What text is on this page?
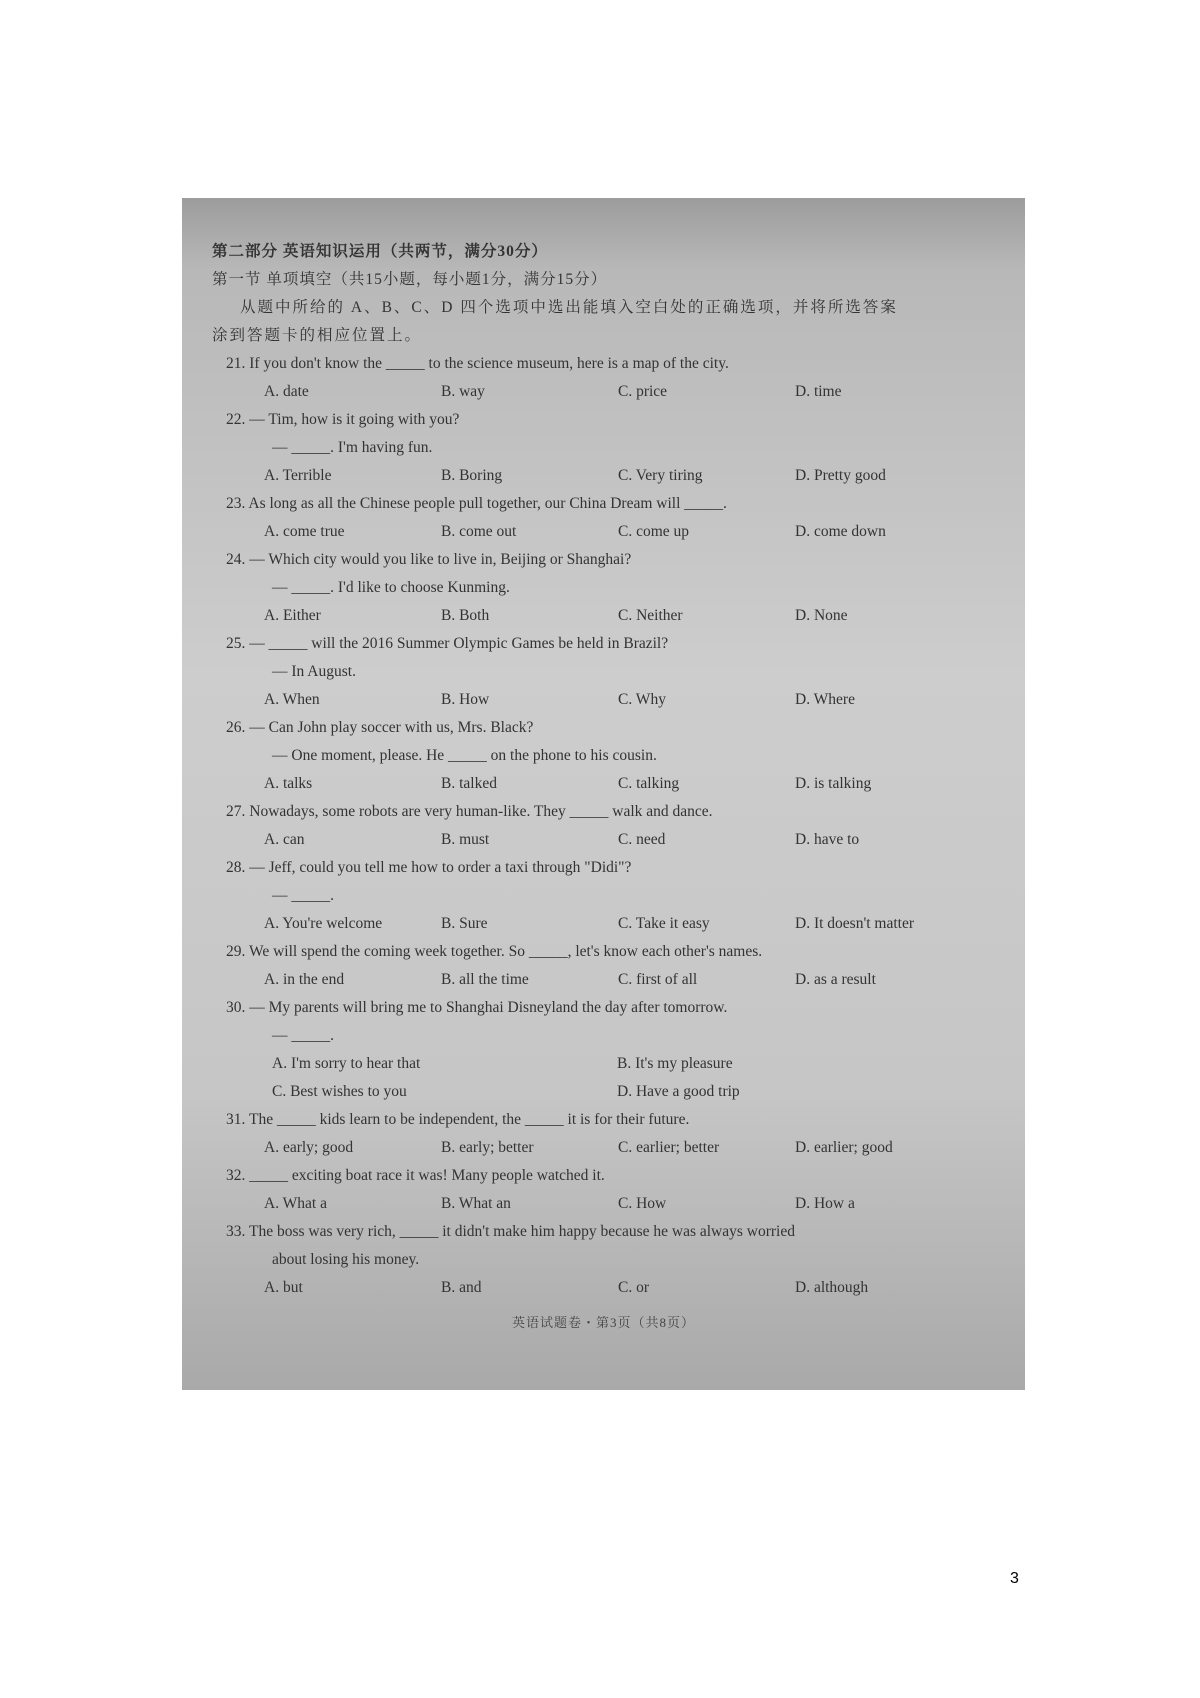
第二部分 英语知识运用（共两节，满分30分）
第一节 单项填空（共15小题，每小题1分，满分15分）
从题中所给的 A、B、C、D 四个选项中选出能填入空白处的正确选项，并将所选答案
涂到答题卡的相应位置上。
21. If you don't know the _____ to the science museum, here is a map of the city.
A. date	B. way	C. price	D. time
22. — Tim, how is it going with you?
— _____. I'm having fun.
A. Terrible	B. Boring	C. Very tiring	D. Pretty good
23. As long as all the Chinese people pull together, our China Dream will _____.
A. come true	B. come out	C. come up	D. come down
24. — Which city would you like to live in, Beijing or Shanghai?
— _____. I'd like to choose Kunming.
A. Either	B. Both	C. Neither	D. None
25. — _____ will the 2016 Summer Olympic Games be held in Brazil?
— In August.
A. When	B. How	C. Why	D. Where
26. — Can John play soccer with us, Mrs. Black?
— One moment, please. He _____ on the phone to his cousin.
A. talks	B. talked	C. talking	D. is talking
27. Nowadays, some robots are very human-like. They _____ walk and dance.
A. can	B. must	C. need	D. have to
28. — Jeff, could you tell me how to order a taxi through "Didi"?
— _____.
A. You're welcome	B. Sure	C. Take it easy	D. It doesn't matter
29. We will spend the coming week together. So _____, let's know each other's names.
A. in the end	B. all the time	C. first of all	D. as a result
30. — My parents will bring me to Shanghai Disneyland the day after tomorrow.
— _____.
A. I'm sorry to hear that	B. It's my pleasure
C. Best wishes to you	D. Have a good trip
31. The _____ kids learn to be independent, the _____ it is for their future.
A. early; good	B. early; better	C. earlier; better	D. earlier; good
32. _____ exciting boat race it was! Many people watched it.
A. What a	B. What an	C. How	D. How a
33. The boss was very rich, _____ it didn't make him happy because he was always worried
about losing his money.
A. but	B. and	C. or	D. although
英语试题卷・第3页（共8页）
3
